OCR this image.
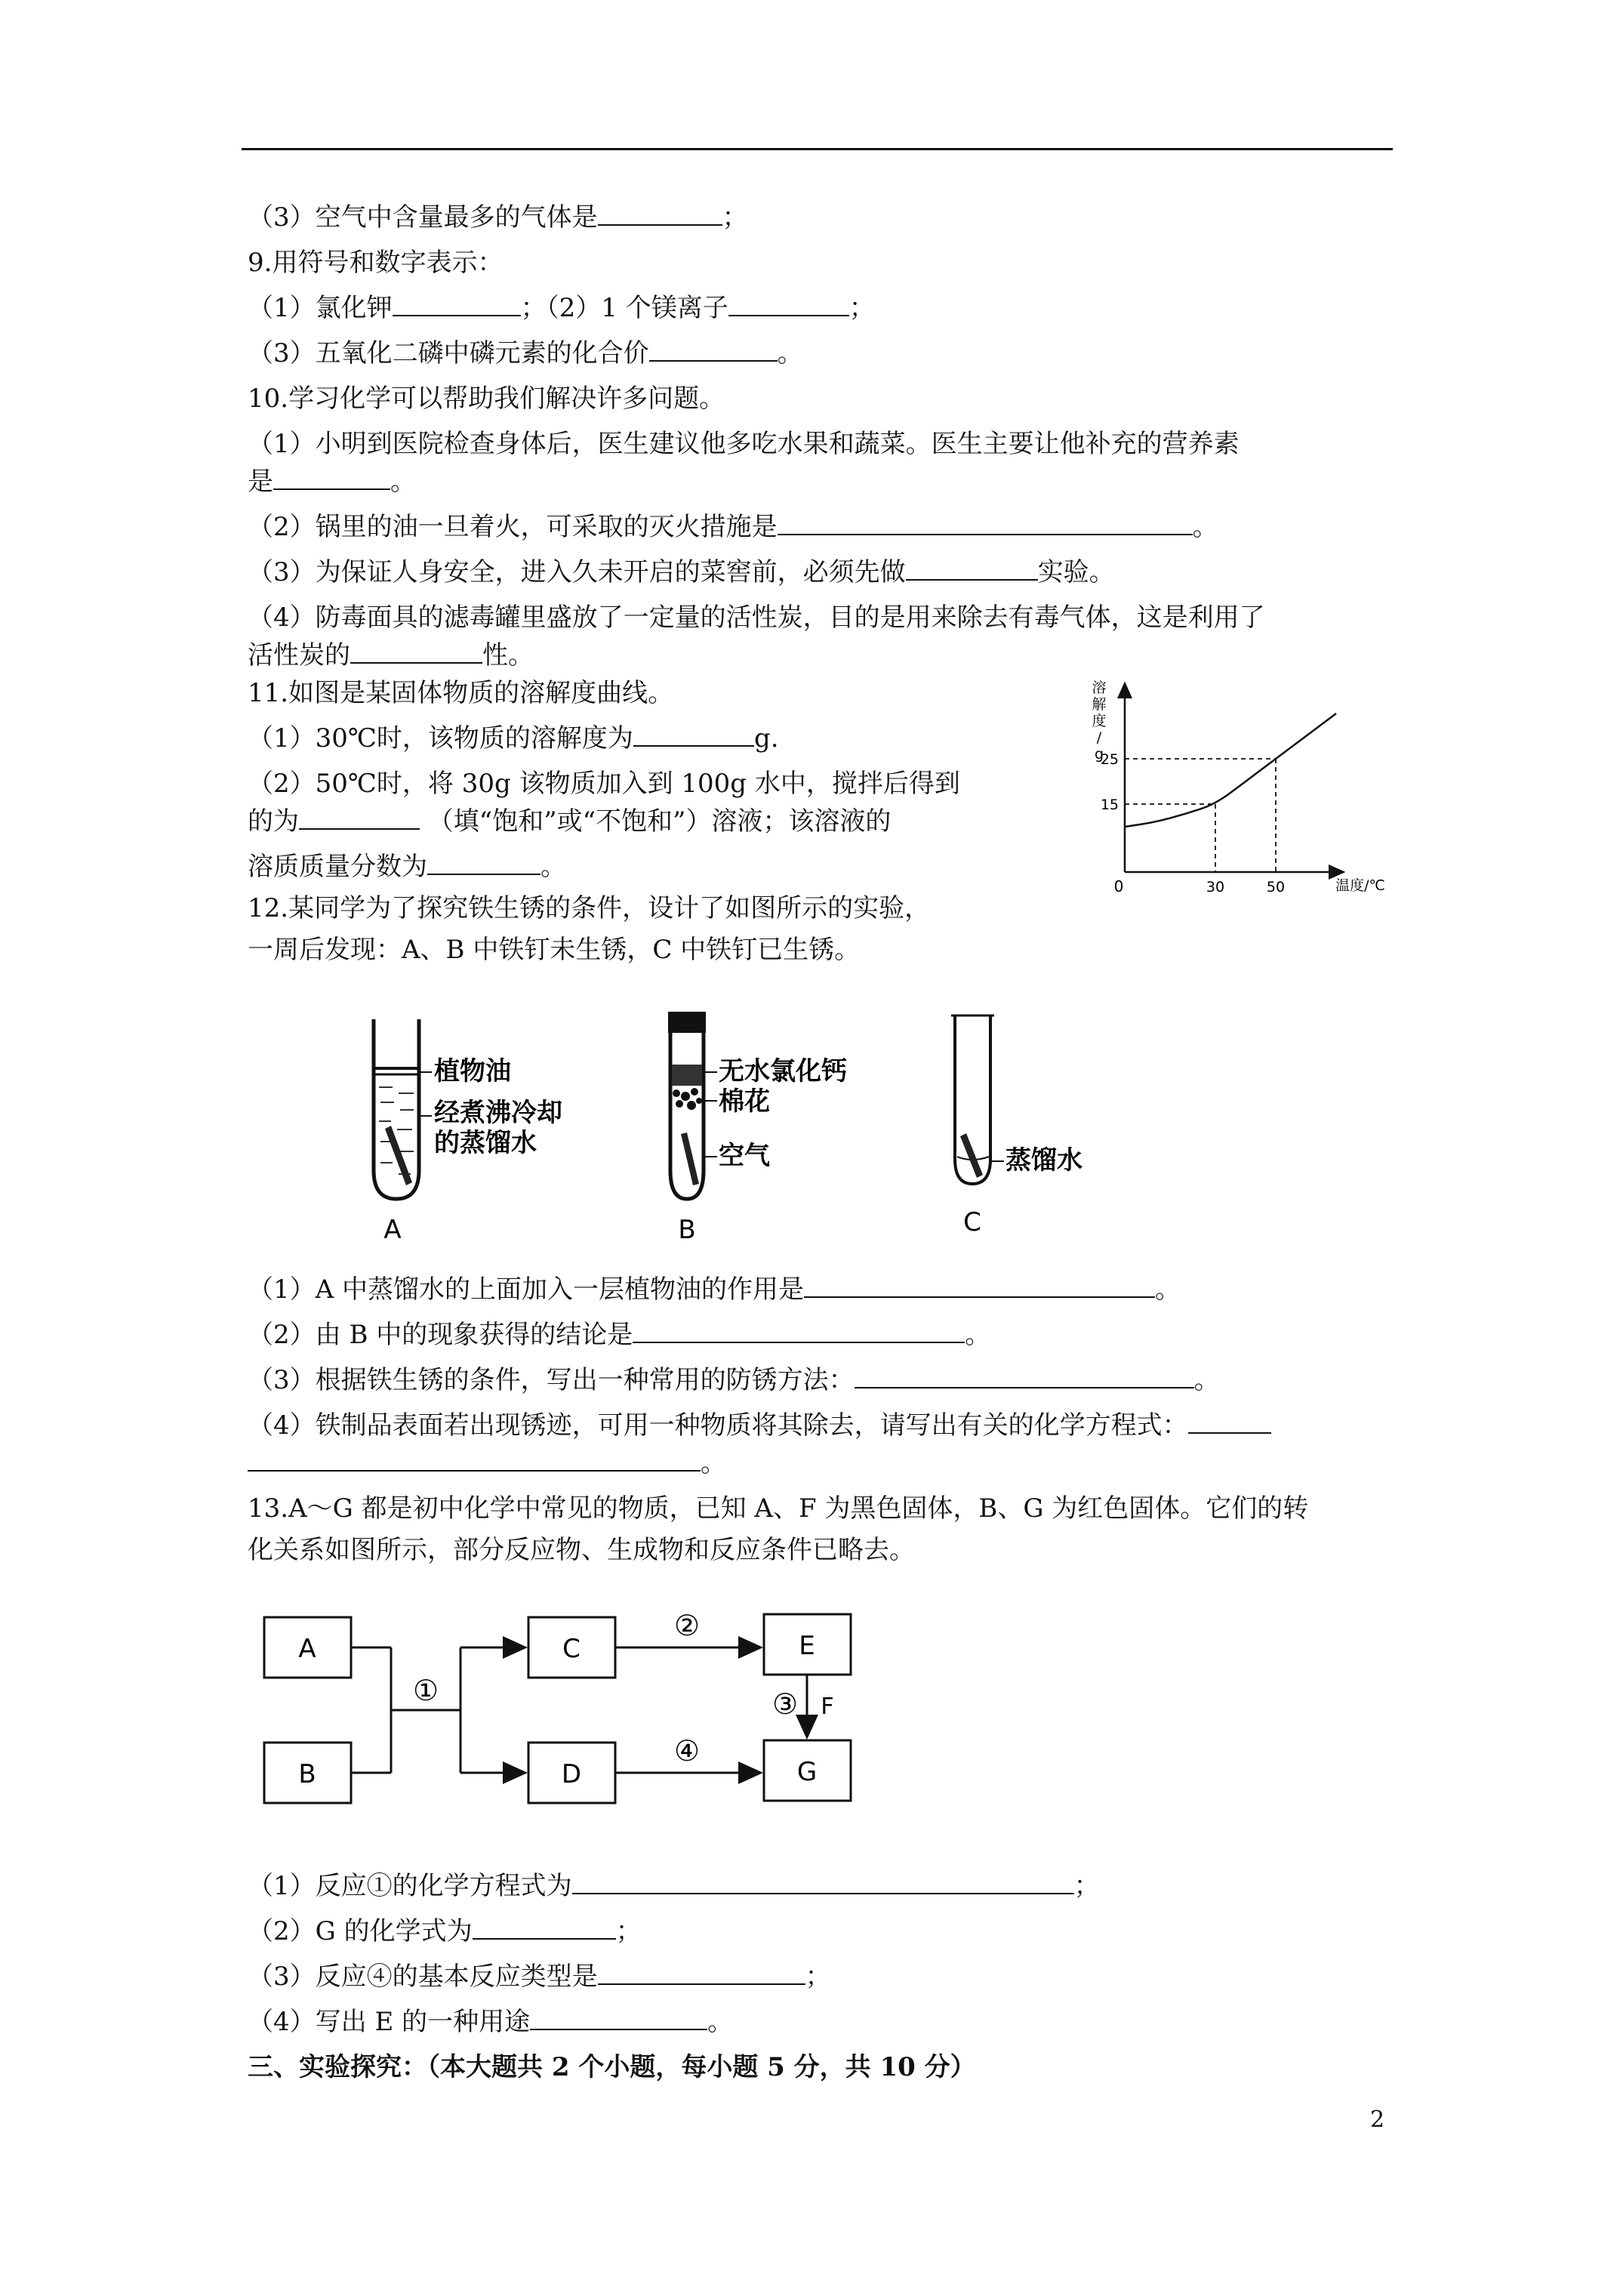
（3）空气中含量最多的气体是	；
9.用符号和数字表示：
（1）氯化钾	；（2）1 个镁离子	；
（3）五氧化二磷中磷元素的化合价	。
10.学习化学可以帮助我们解决许多问题。
（1）小明到医院检查身体后，医生建议他多吃水果和蔬菜。医生主要让他补充的营养素
是	。
（2）锅里的油一旦着火，可采取的灭火措施是	。
（3）为保证人身安全，进入久未开启的菜窖前，必须先做	实验。
（4）防毒面具的滤毒罐里盛放了一定量的活性炭，目的是用来除去有毒气体，这是利用了
活性炭的	性。
11.如图是某固体物质的溶解度曲线。
（1）30℃时，该物质的溶解度为	g.
（2）50℃时，将 30g 该物质加入到 100g 水中，搅拌后得到
的为	（填“饱和”或“不饱和”）溶液；该溶液的
溶质质量分数为	。
溶
解
度
/
g
温度/℃
0	30	50
15
25
12.某同学为了探究铁生锈的条件，设计了如图所示的实验，
一周后发现：A、B 中铁钉未生锈，C 中铁钉已生锈。
植物油
经煮沸冷却
的蒸馏水
A
无水氯化钙
棉花
空气
B
蒸馏水
C
（1）A 中蒸馏水的上面加入一层植物油的作用是	。
（2）由 B 中的现象获得的结论是	。
（3）根据铁生锈的条件，写出一种常用的防锈方法：	。
（4）铁制品表面若出现锈迹，可用一种物质将其除去，请写出有关的化学方程式：
。
13.A～G 都是初中化学中常见的物质，已知 A、F 为黑色固体，B、G 为红色固体。它们的转
化关系如图所示，部分反应物、生成物和反应条件已略去。
A
B
C
D
E
G
①
②
③ F
④
（1）反应①的化学方程式为	；
（2）G 的化学式为	；
（3）反应④的基本反应类型是	；
（4）写出 E 的一种用途	。
三、实验探究：（本大题共 2 个小题，每小题 5 分，共 10 分）
2
